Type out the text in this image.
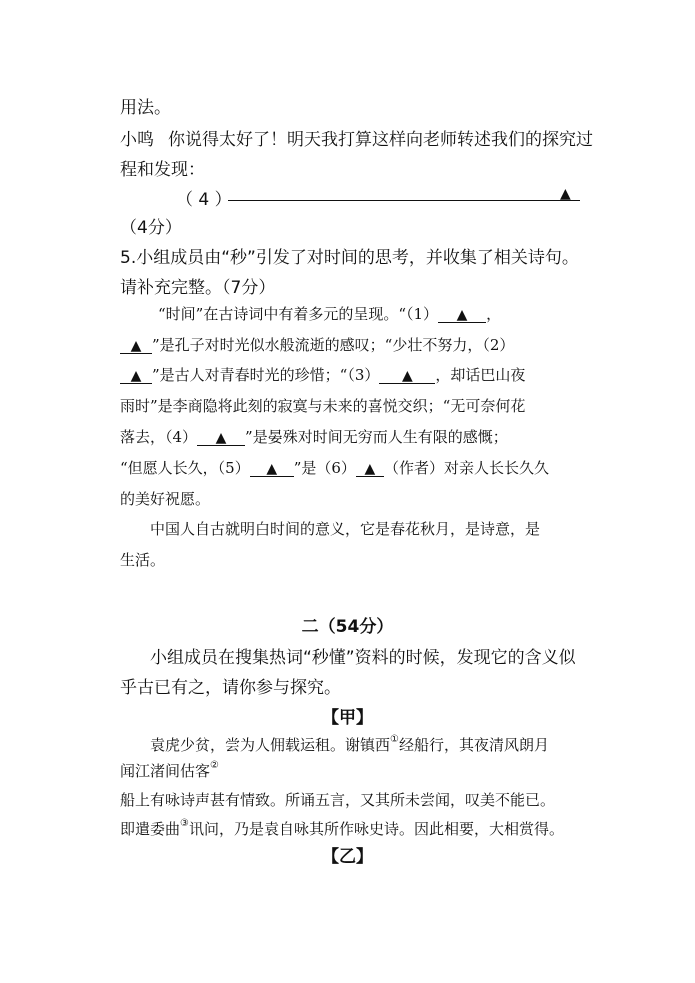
用法。
小鸣 你说得太好了！明天我打算这样向老师转述我们的探究过
程和发现：
（ 4 ）	▲
（4分）
5.小组成员由“秒”引发了对时间的思考，并收集了相关诗句。
请补充完整。（7分）
“时间”在古诗词中有着多元的呈现。“（1） ▲ ，
▲ ”是孔子对时光似水般流逝的感叹；“少壮不努力，（2）
▲ ”是古人对青春时光的珍惜；“（3） ▲ ，却话巴山夜
雨时”是李商隐将此刻的寂寞与未来的喜悦交织；“无可奈何花
落去，（4） ▲ ”是晏殊对时间无穷而人生有限的感慨；
“但愿人长久，（5） ▲ ”是（6） ▲ （作者）对亲人长长久久
的美好祝愿。
中国人自古就明白时间的意义，它是春花秋月，是诗意，是
生活。
二（54分）
小组成员在搜集热词“秒懂”资料的时候，发现它的含义似
乎古已有之，请你参与探究。
【甲】
袁虎少贫，尝为人佣载运租。谢镇西①经船行，其夜清风朗月
闻江渚间估客②
船上有咏诗声甚有情致。所诵五言，又其所未尝闻，叹美不能已。
即遣委曲③讯问，乃是袁自咏其所作咏史诗。因此相要，大相赏得。
【乙】
